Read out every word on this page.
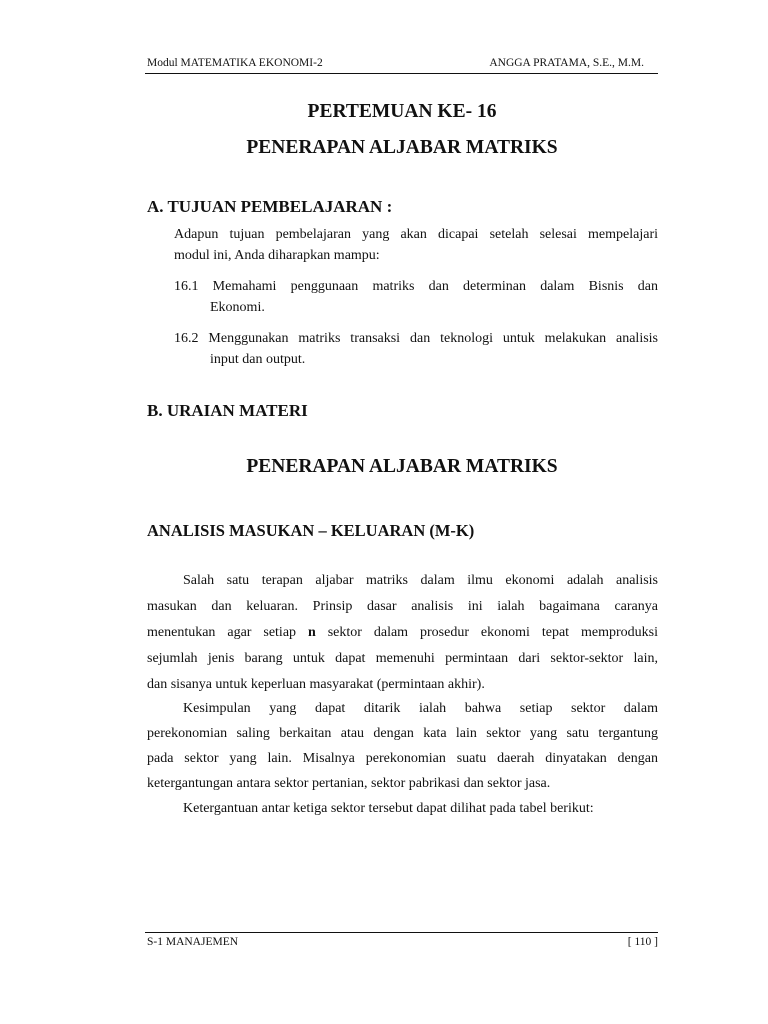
Modul MATEMATIKA EKONOMI-2	ANGGA PRATAMA, S.E., M.M.
PERTEMUAN KE- 16
PENERAPAN ALJABAR MATRIKS
A. TUJUAN PEMBELAJARAN :
Adapun tujuan pembelajaran yang akan dicapai setelah selesai mempelajari
modul ini, Anda diharapkan mampu:
16.1 Memahami penggunaan matriks dan determinan dalam Bisnis dan
Ekonomi.
16.2 Menggunakan matriks transaksi dan teknologi untuk melakukan analisis
input dan output.
B. URAIAN MATERI
PENERAPAN ALJABAR MATRIKS
ANALISIS MASUKAN – KELUARAN (M-K)
Salah satu terapan aljabar matriks dalam ilmu ekonomi adalah analisis
masukan dan keluaran. Prinsip dasar analisis ini ialah bagaimana caranya
menentukan agar setiap n sektor dalam prosedur ekonomi tepat memproduksi
sejumlah jenis barang untuk dapat memenuhi permintaan dari sektor-sektor lain,
dan sisanya untuk keperluan masyarakat (permintaan akhir).
Kesimpulan yang dapat ditarik ialah bahwa setiap sektor dalam
perekonomian saling berkaitan atau dengan kata lain sektor yang satu tergantung
pada sektor yang lain. Misalnya perekonomian suatu daerah dinyatakan dengan
ketergantungan antara sektor pertanian, sektor pabrikasi dan sektor jasa.
Ketergantuan antar ketiga sektor tersebut dapat dilihat pada tabel berikut:
S-1 MANAJEMEN	[ 110 ]
